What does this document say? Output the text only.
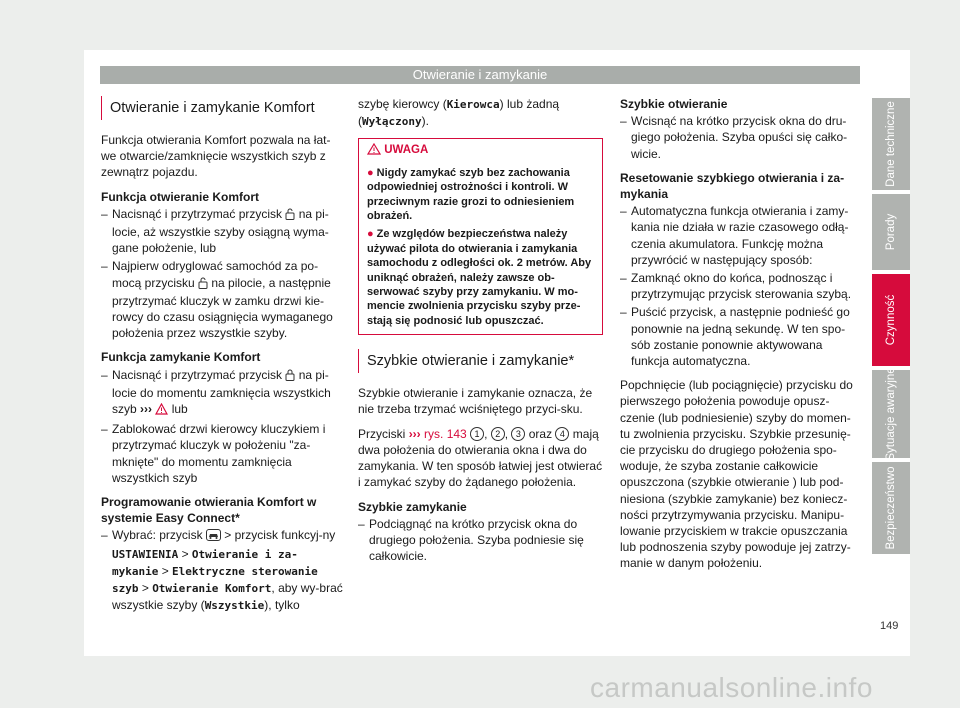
Otwieranie i zamykanie
Otwieranie i zamykanie Komfort

Funkcja otwierania Komfort pozwala na łat-we otwarcie/zamknięcie wszystkich szyb z zewnątrz pojazdu.

Funkcja otwieranie Komfort

– Nacisnąć i przytrzymać przycisk na pi-locie, aż wszystkie szyby osiągną wyma-gane położenie, lub
– Najpierw odryglować samochód za po-mocą przycisku na pilocie, a następnie przytrzymać kluczyk w zamku drzwi kie-rowcy do czasu osiągnięcia wymaganego położenia przez wszystkie szyby.

Funkcja zamykanie Komfort

– Nacisnąć i przytrzymać przycisk na pi-locie do momentu zamknięcia wszystkich szyb ››› lub
– Zablokować drzwi kierowcy kluczykiem i przytrzymać kluczyk w położeniu "za-mknięte" do momentu zamknięcia wszystkich szyb

Programowanie otwierania Komfort w systemie Easy Connect*

– Wybrać: przycisk > przycisk funkcyj-ny USTAWIENIA > Otwieranie i za-mykanie > Elektryczne sterowanie szyb > Otwieranie Komfort, aby wy-brać wszystkie szyby (Wszystkie), tylko

szybę kierowcy (Kierowca) lub żadną (Wyłączony).

UWAGA
● Nigdy zamykać szyb bez zachowania odpowiedniej ostrożności i kontroli. W przeciwnym razie grozi to odniesieniem obrażeń.
● Ze względów bezpieczeństwa należy używać pilota do otwierania i zamykania samochodu z odległości ok. 2 metrów. Aby uniknąć obrażeń, należy zawsze ob-serwować szyby przy zamykaniu. W mo-mencie zwolnienia przycisku szyby prze-stają się podnosić lub opuszczać.
Szybkie otwieranie i zamykanie*

Szybkie otwieranie i zamykanie oznacza, że nie trzeba trzymać wciśniętego przyci-sku.

Przyciski ››› rys. 143 1 , 2 , 3 oraz 4 mają dwa położenia do otwierania okna i dwa do zamykania. W ten sposób łatwiej jest otwierać i zamykać szyby do żądanego położenia.

Szybkie zamykanie

– Podciągnąć na krótko przycisk okna do drugiego położenia. Szyba podniesie się całkowicie.

Szybkie otwieranie

– Wcisnąć na krótko przycisk okna do dru-giego położenia. Szyba opuści się całko-wicie.

Resetowanie szybkiego otwierania i za-mykania

– Automatyczna funkcja otwierania i zamy-kania nie działa w razie czasowego odłą-czenia akumulatora. Funkcję można przywrócić w następujący sposób:
– Zamknąć okno do końca, podnosząc i przytrzymując przycisk sterowania szybą.
– Puścić przycisk, a następnie podnieść go ponownie na jedną sekundę. W ten spo-sób zostanie ponownie aktywowana funkcja automatyczna.

Popchnięcie (lub pociągnięcie) przycisku do pierwszego położenia powoduje opusz-czenie (lub podniesienie) szyby do momen-tu zwolnienia przycisku. Szybkie przesunię-cie przycisku do drugiego położenia spo-woduje, że szyba zostanie całkowicie opuszczona (szybkie otwieranie ) lub pod-niesiona (szybkie zamykanie) bez koniecz-ności przytrzymywania przycisku. Manipu-lowanie przyciskiem w trakcie opuszczania lub podnoszenia szyby powoduje jej zatrzy-manie w danym położeniu.

Dane techniczne
Porady
Czynność
Sytuacje awaryjne
Bezpieczeństwo
149
carmanualsonline.info
